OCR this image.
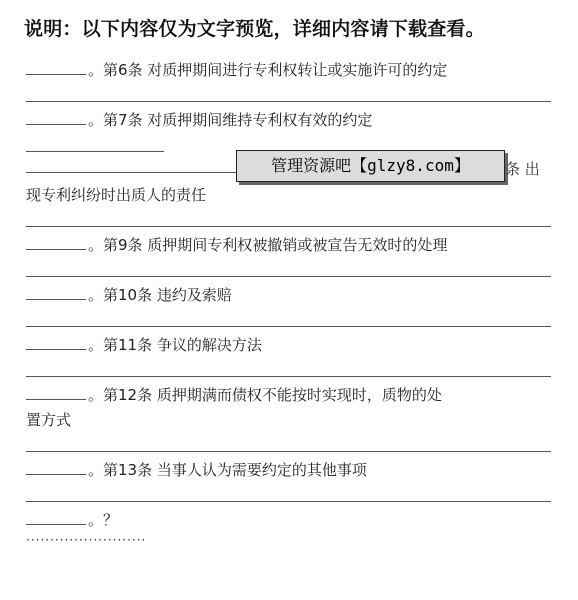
说明：以下内容仅为文字预览，详细内容请下载查看。
。第6条 对质押期间进行专利权转让或实施许可的约定
。第7条 对质押期间维持专利权有效的约定
现专利纠纷时出质人的责任
。第9条 质押期间专利权被撤销或被宣告无效时的处理
。第10条 违约及索赔
。第11条 争议的解决方法
。第12条 质押期满而债权不能按时实现时，质物的处
置方式
。第13条 当事人认为需要约定的其他事项
。？
·························
管理资源吧【glzy8.com】	条 出
